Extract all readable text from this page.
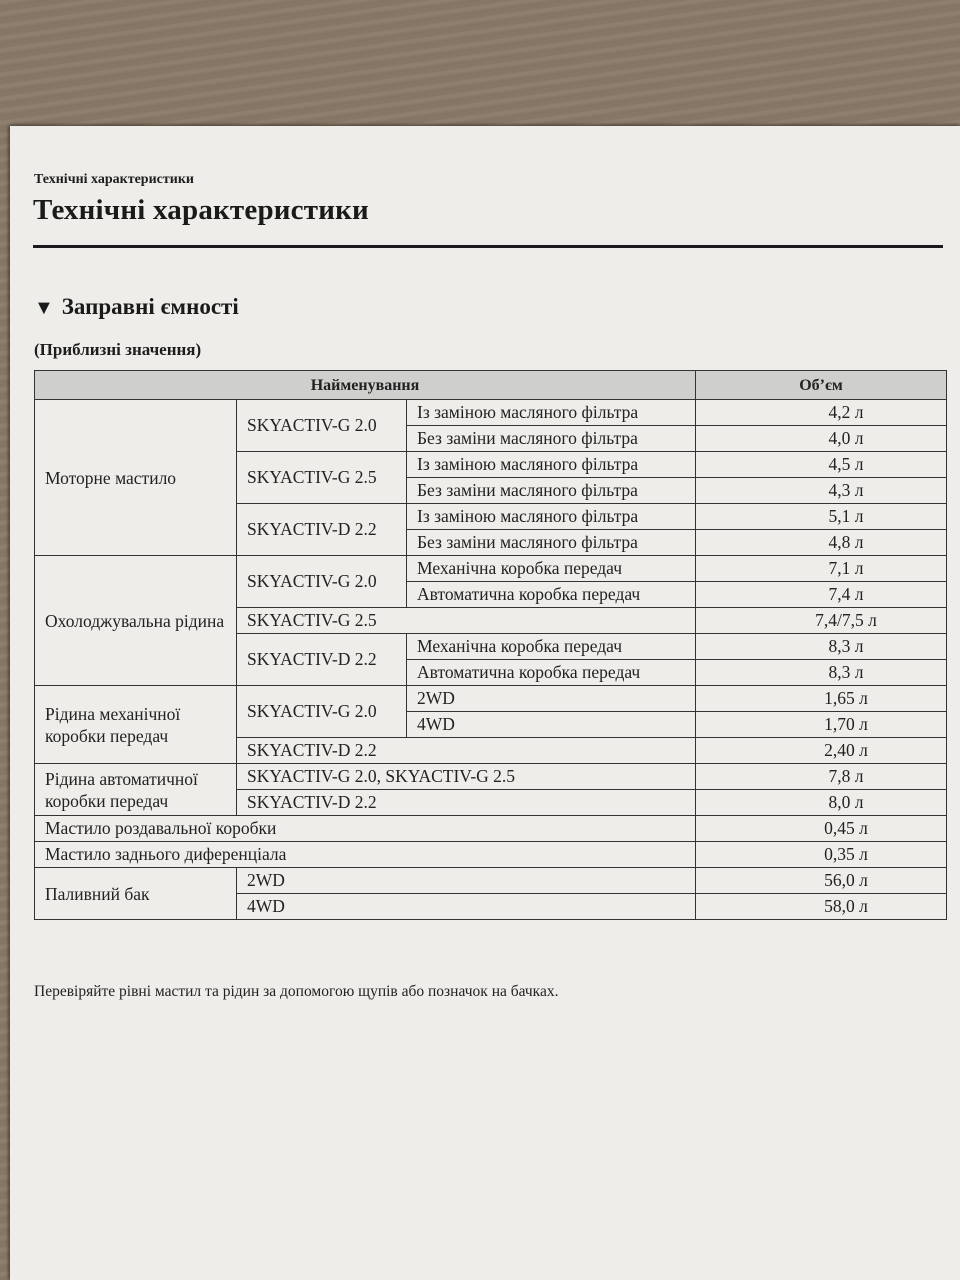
Технічні характеристики
Технічні характеристики
▼ Заправні ємності
(Приблизні значення)
Найменування			Об’єм
Моторне мастило	SKYACTIV-G 2.0	Із заміною масляного фільтра	4,2 л
		Без заміни масляного фільтра	4,0 л
	SKYACTIV-G 2.5	Із заміною масляного фільтра	4,5 л
		Без заміни масляного фільтра	4,3 л
	SKYACTIV-D 2.2	Із заміною масляного фільтра	5,1 л
		Без заміни масляного фільтра	4,8 л
Охолоджувальна рідина	SKYACTIV-G 2.0	Механічна коробка передач	7,1 л
		Автоматична коробка передач	7,4 л
	SKYACTIV-G 2.5		7,4/7,5 л
	SKYACTIV-D 2.2	Механічна коробка передач	8,3 л
		Автоматична коробка передач	8,3 л
Рідина механічної коробки передач	SKYACTIV-G 2.0	2WD	1,65 л
		4WD	1,70 л
	SKYACTIV-D 2.2		2,40 л
Рідина автоматичної коробки передач	SKYACTIV-G 2.0, SKYACTIV-G 2.5		7,8 л
	SKYACTIV-D 2.2		8,0 л
Мастило роздавальної коробки			0,45 л
Мастило заднього диференціала			0,35 л
Паливний бак	2WD		56,0 л
	4WD		58,0 л
Перевіряйте рівні мастил та рідин за допомогою щупів або позначок на бачках.
